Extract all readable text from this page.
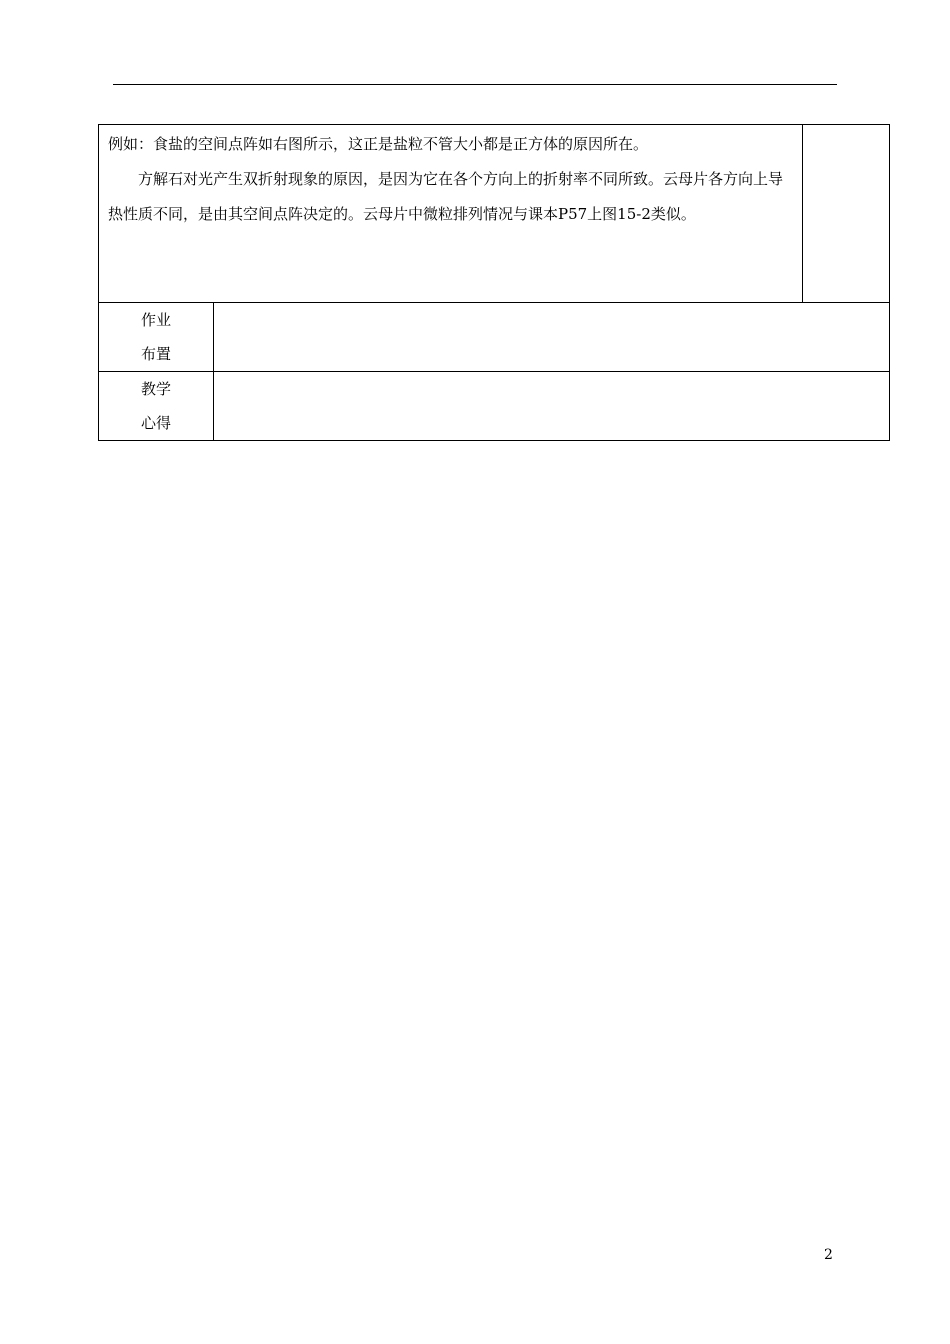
例如：食盐的空间点阵如右图所示，这正是盐粒不管大小都是正方体的原因所在。

方解石对光产生双折射现象的原因，是因为它在各个方向上的折射率不同所致。云母片各方向上导热性质不同，是由其空间点阵决定的。云母片中微粒排列情况与课本P57上图15-2类似。		

作业
布置		

教学
心得		

2
